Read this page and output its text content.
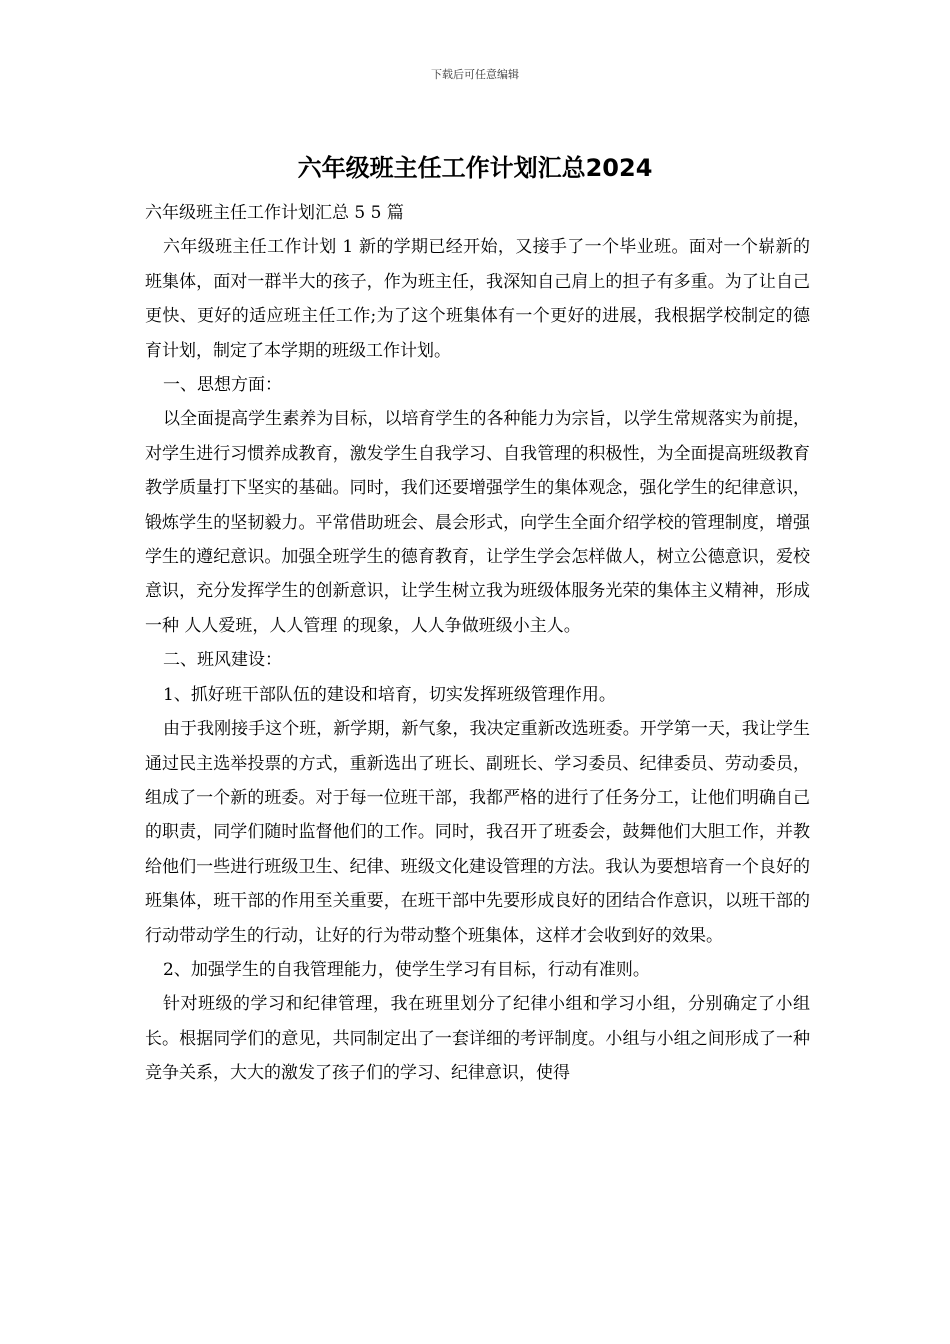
下载后可任意编辑
六年级班主任工作计划汇总2024

六年级班主任工作计划汇总 5 5 篇

六年级班主任工作计划 1 新的学期已经开始，又接手了一个毕业班。面对一个崭新的班集体，面对一群半大的孩子，作为班主任，我深知自己肩上的担子有多重。为了让自己更快、更好的适应班主任工作;为了这个班集体有一个更好的进展，我根据学校制定的德育计划，制定了本学期的班级工作计划。

一、思想方面：

以全面提高学生素养为目标，以培育学生的各种能力为宗旨，以学生常规落实为前提，对学生进行习惯养成教育，激发学生自我学习、自我管理的积极性，为全面提高班级教育教学质量打下坚实的基础。同时，我们还要增强学生的集体观念，强化学生的纪律意识，锻炼学生的坚韧毅力。平常借助班会、晨会形式，向学生全面介绍学校的管理制度，增强学生的遵纪意识。加强全班学生的德育教育，让学生学会怎样做人，树立公德意识，爱校意识，充分发挥学生的创新意识，让学生树立我为班级体服务光荣的集体主义精神，形成一种 人人爱班，人人管理 的现象，人人争做班级小主人。

二、班风建设：

1、抓好班干部队伍的建设和培育，切实发挥班级管理作用。

由于我刚接手这个班，新学期，新气象，我决定重新改选班委。开学第一天，我让学生通过民主选举投票的方式，重新选出了班长、副班长、学习委员、纪律委员、劳动委员，组成了一个新的班委。对于每一位班干部，我都严格的进行了任务分工，让他们明确自己的职责，同学们随时监督他们的工作。同时，我召开了班委会，鼓舞他们大胆工作，并教给他们一些进行班级卫生、纪律、班级文化建设管理的方法。我认为要想培育一个良好的班集体，班干部的作用至关重要，在班干部中先要形成良好的团结合作意识，以班干部的行动带动学生的行动，让好的行为带动整个班集体，这样才会收到好的效果。

2、加强学生的自我管理能力，使学生学习有目标，行动有准则。

针对班级的学习和纪律管理，我在班里划分了纪律小组和学习小组，分别确定了小组长。根据同学们的意见，共同制定出了一套详细的考评制度。小组与小组之间形成了一种竞争关系，大大的激发了孩子们的学习、纪律意识，使得
